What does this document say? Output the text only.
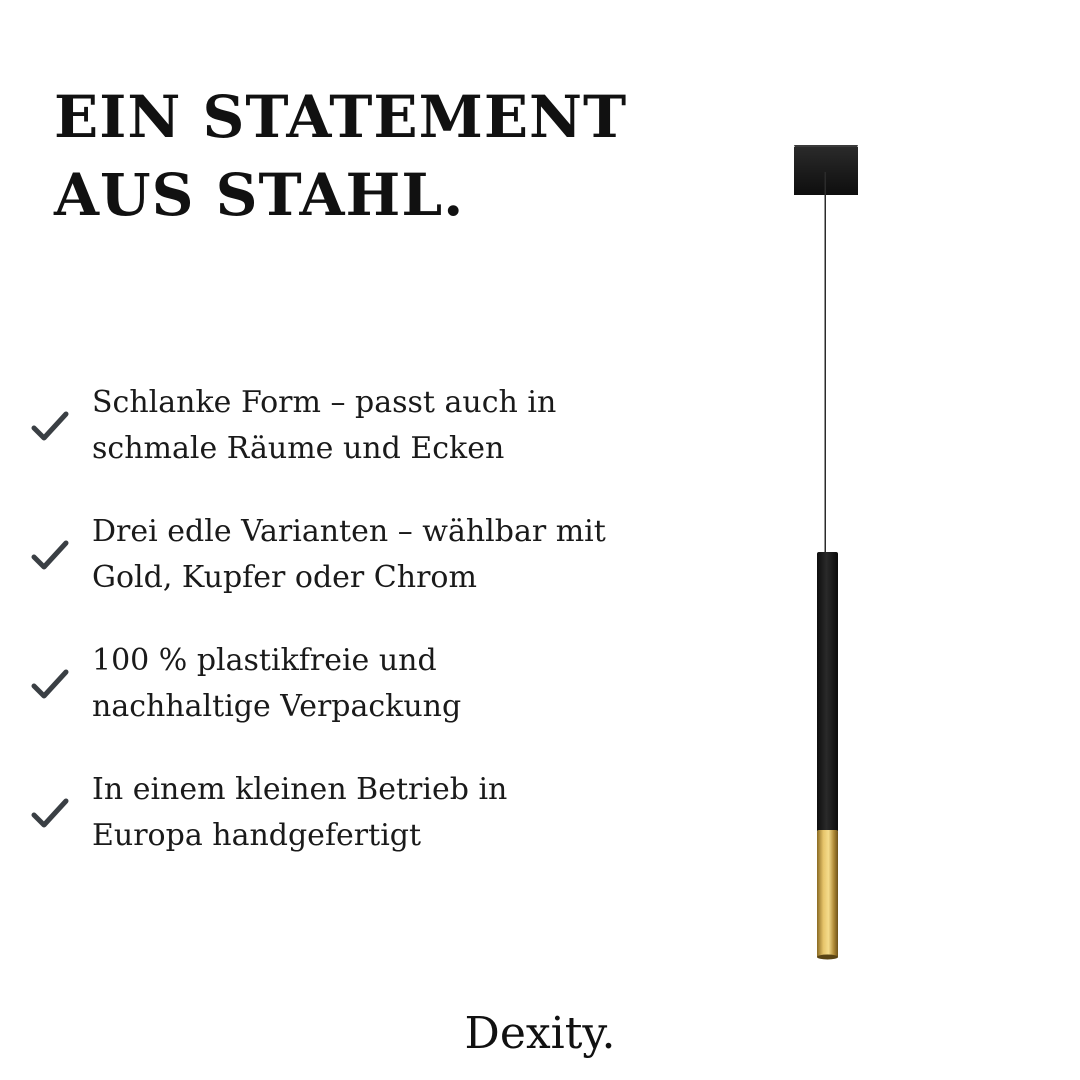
EIN STATEMENT
AUS STAHL.
Schlanke Form – passt auch in
schmale Räume und Ecken
Drei edle Varianten – wählbar mit
Gold, Kupfer oder Chrom
100 % plastikfreie und
nachhaltige Verpackung
In einem kleinen Betrieb in
Europa handgefertigt
Dexity.
